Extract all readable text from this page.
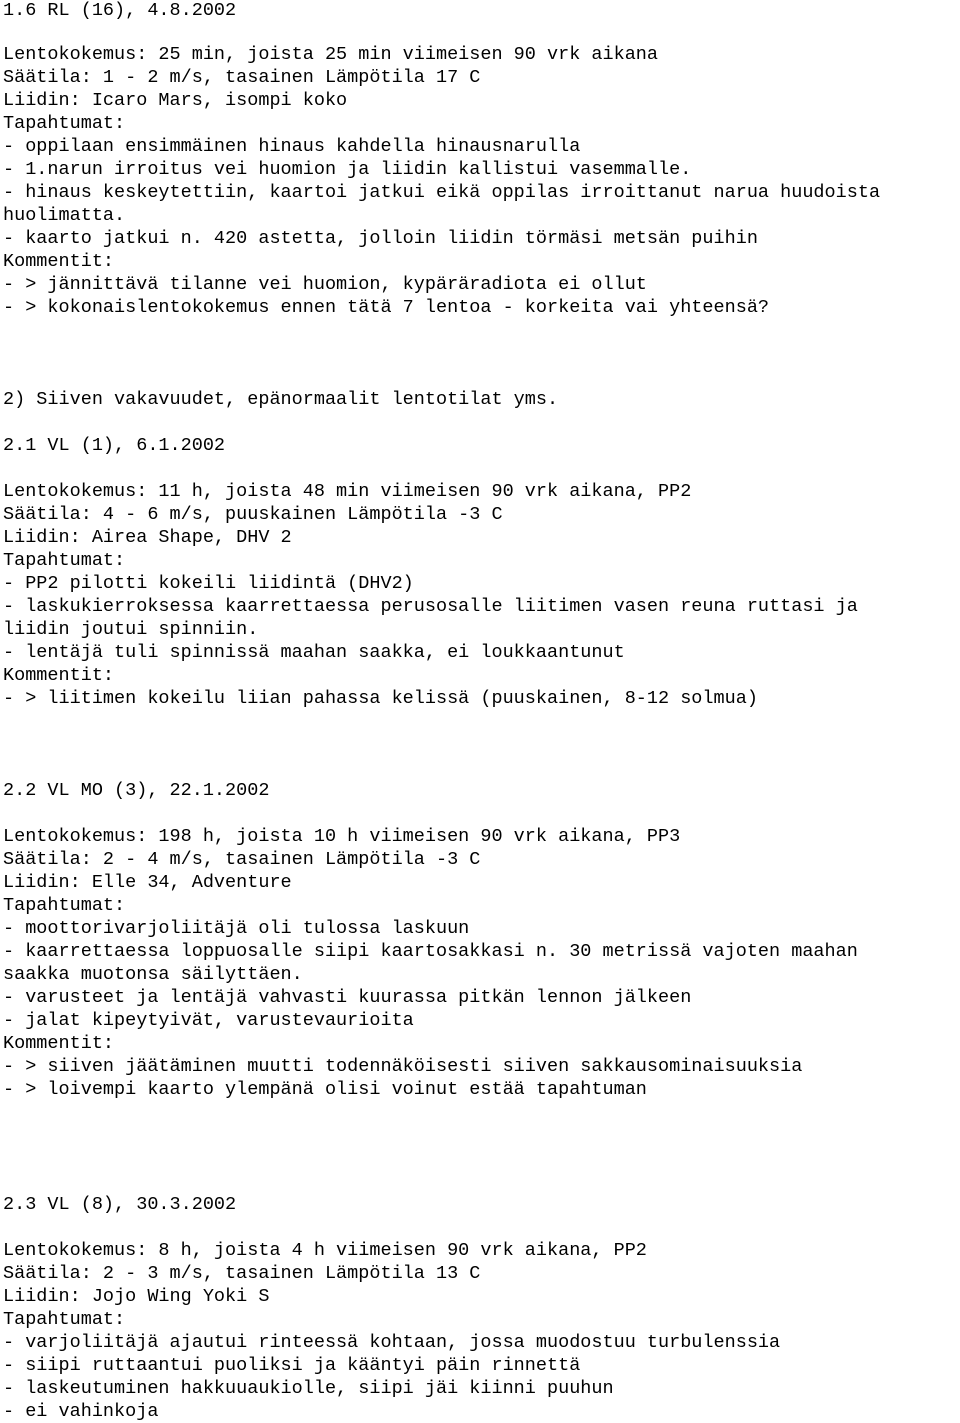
1.6 RL (16), 4.8.2002
Lentokokemus: 25 min, joista 25 min viimeisen 90 vrk aikana
Säätila: 1 - 2 m/s, tasainen Lämpötila 17 C
Liidin: Icaro Mars, isompi koko
Tapahtumat:
- oppilaan ensimmäinen hinaus kahdella hinausnarulla
- 1.narun irroitus vei huomion ja liidin kallistui vasemmalle.
- hinaus keskeytettiin, kaartoi jatkui eikä oppilas irroittanut narua huudoista
huolimatta.
- kaarto jatkui n. 420 astetta, jolloin liidin törmäsi metsän puihin
Kommentit:
- > jännittävä tilanne vei huomion, kypäräradiota ei ollut
- > kokonaislentokokemus ennen tätä 7 lentoa - korkeita vai yhteensä?
2) Siiven vakavuudet, epänormaalit lentotilat yms.
2.1 VL (1), 6.1.2002
Lentokokemus: 11 h, joista 48 min viimeisen 90 vrk aikana, PP2
Säätila: 4 - 6 m/s, puuskainen Lämpötila -3 C
Liidin: Airea Shape, DHV 2
Tapahtumat:
- PP2 pilotti kokeili liidintä (DHV2)
- laskukierroksessa kaarrettaessa perusosalle liitimen vasen reuna ruttasi ja
liidin joutui spinniin.
- lentäjä tuli spinnissä maahan saakka, ei loukkaantunut
Kommentit:
- > liitimen kokeilu liian pahassa kelissä (puuskainen, 8-12 solmua)
2.2 VL MO (3), 22.1.2002
Lentokokemus: 198 h, joista 10 h viimeisen 90 vrk aikana, PP3
Säätila: 2 - 4 m/s, tasainen Lämpötila -3 C
Liidin: Elle 34, Adventure
Tapahtumat:
- moottorivarjoliitäjä oli tulossa laskuun
- kaarrettaessa loppuosalle siipi kaartosakkasi n. 30 metrissä vajoten maahan
saakka muotonsa säilyttäen.
- varusteet ja lentäjä vahvasti kuurassa pitkän lennon jälkeen
- jalat kipeytyivät, varustevaurioita
Kommentit:
- > siiven jäätäminen muutti todennäköisesti siiven sakkausominaisuuksia
- > loivempi kaarto ylempänä olisi voinut estää tapahtuman
2.3 VL (8), 30.3.2002
Lentokokemus: 8 h, joista 4 h viimeisen 90 vrk aikana, PP2
Säätila: 2 - 3 m/s, tasainen Lämpötila 13 C
Liidin: Jojo Wing Yoki S
Tapahtumat:
- varjoliitäjä ajautui rinteessä kohtaan, jossa muodostuu turbulenssia
- siipi ruttaantui puoliksi ja kääntyi päin rinnettä
- laskeutuminen hakkuuaukiolle, siipi jäi kiinni puuhun
- ei vahinkoja
